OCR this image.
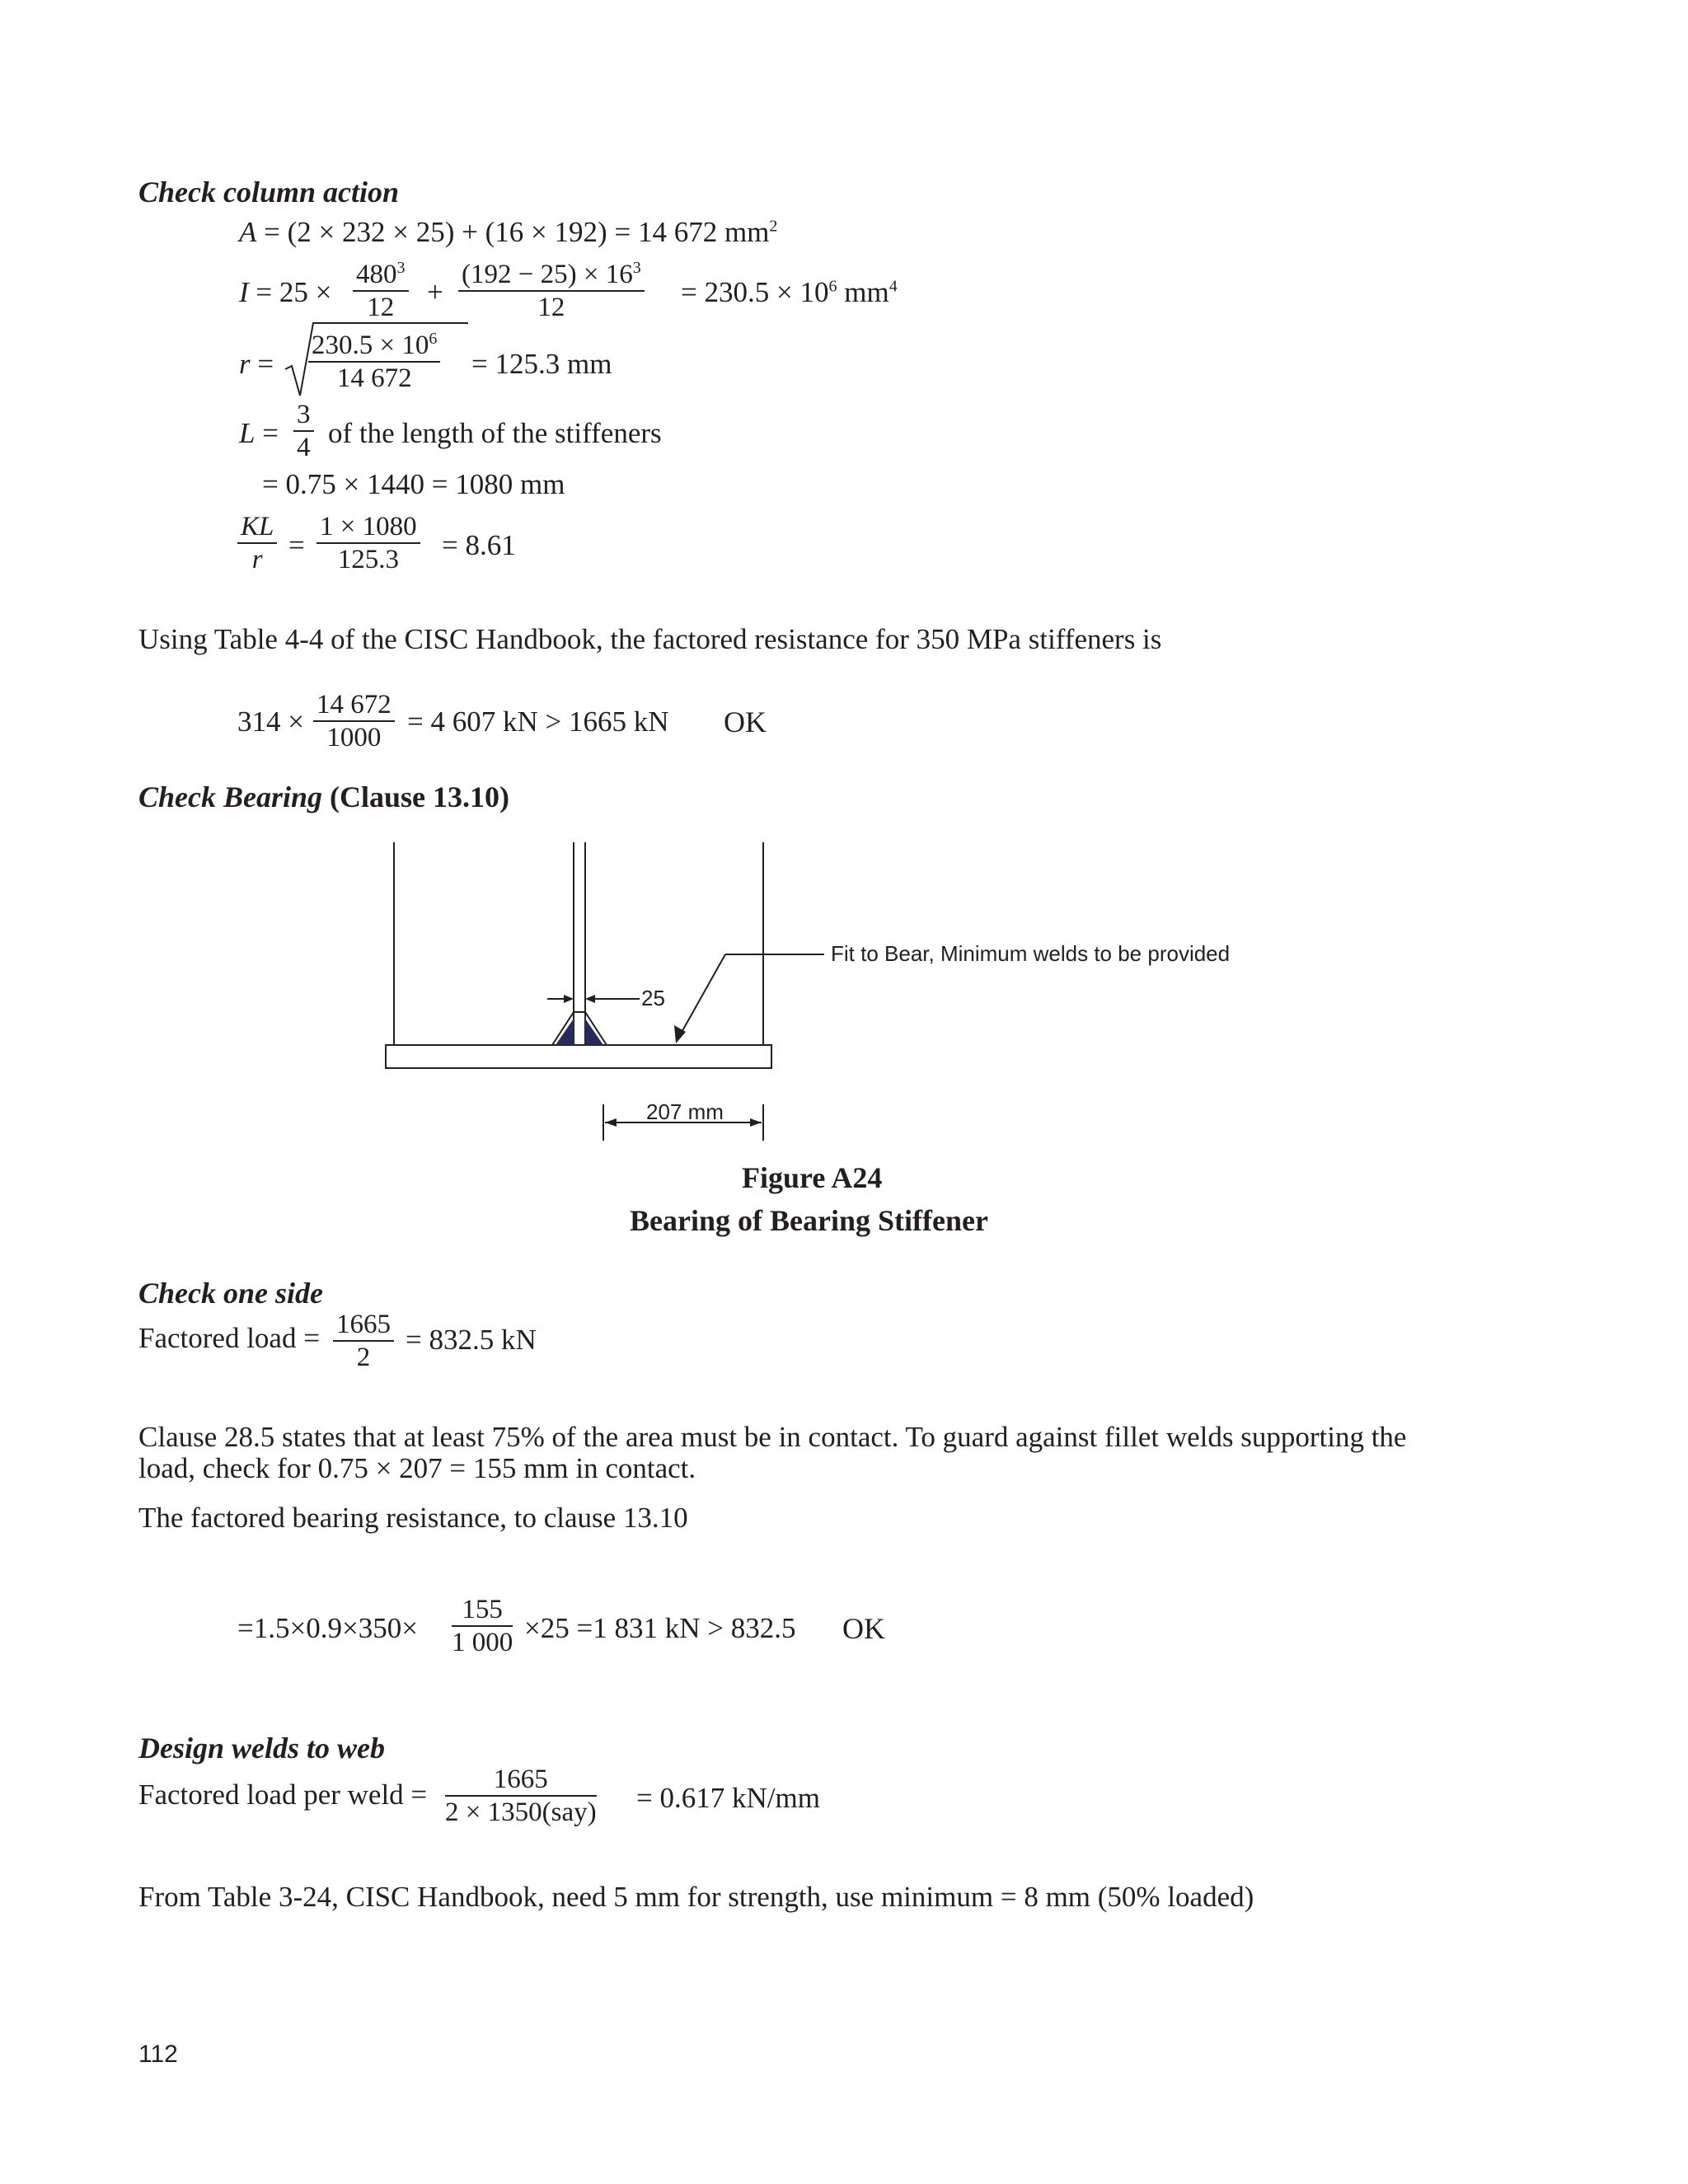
Check column action
A = (2 × 232 × 25) + (16 × 192) = 14 672 $mm^2$
$I = 25 \times \frac{480^3}{12} + \frac{(192 - 25) \times 16^3}{12} = 230.5 \times 10^6$ $mm^4$
$r = \frac{230.5 \times 10^6}{14 672} = 125.3$ mm
$L = \frac{3}{4}$ of the length of the stiffeners
= 0.75 × 1440 = 1080 mm
$\frac{KL}{r} = \frac{1 \times 1080}{125.3} = 8.61$
Using Table 4-4 of the CISC Handbook, the factored resistance for 350 MPa stiffeners is
$314 \times \frac{14 672}{1000} = 4$ 607 kN > 1665 kN OK
Check Bearing (Clause 13.10)
Fit to Bear, Minimum welds to be provided
25
207 mm
Figure A24
Bearing of Bearing Stiffener
Check one side
Factored load = $\frac{1665}{2} = 832.5$ kN
Clause 28.5 states that at least 75% of the area must be in contact. To guard against fillet welds supporting the
load, check for 0.75 × 207 = 155 mm in contact.
The factored bearing resistance, to clause 13.10
$=1.5\times 0.9\times 350\times \frac{155}{1 000} \times 25 =1$ 831 kN > 832.5 OK
Design welds to web
Factored load per weld =	1665
2 × 1350(say) = 0.617 kN/mm
From Table 3-24, CISC Handbook, need 5 mm for strength, use minimum = 8 mm (50% loaded)
112
